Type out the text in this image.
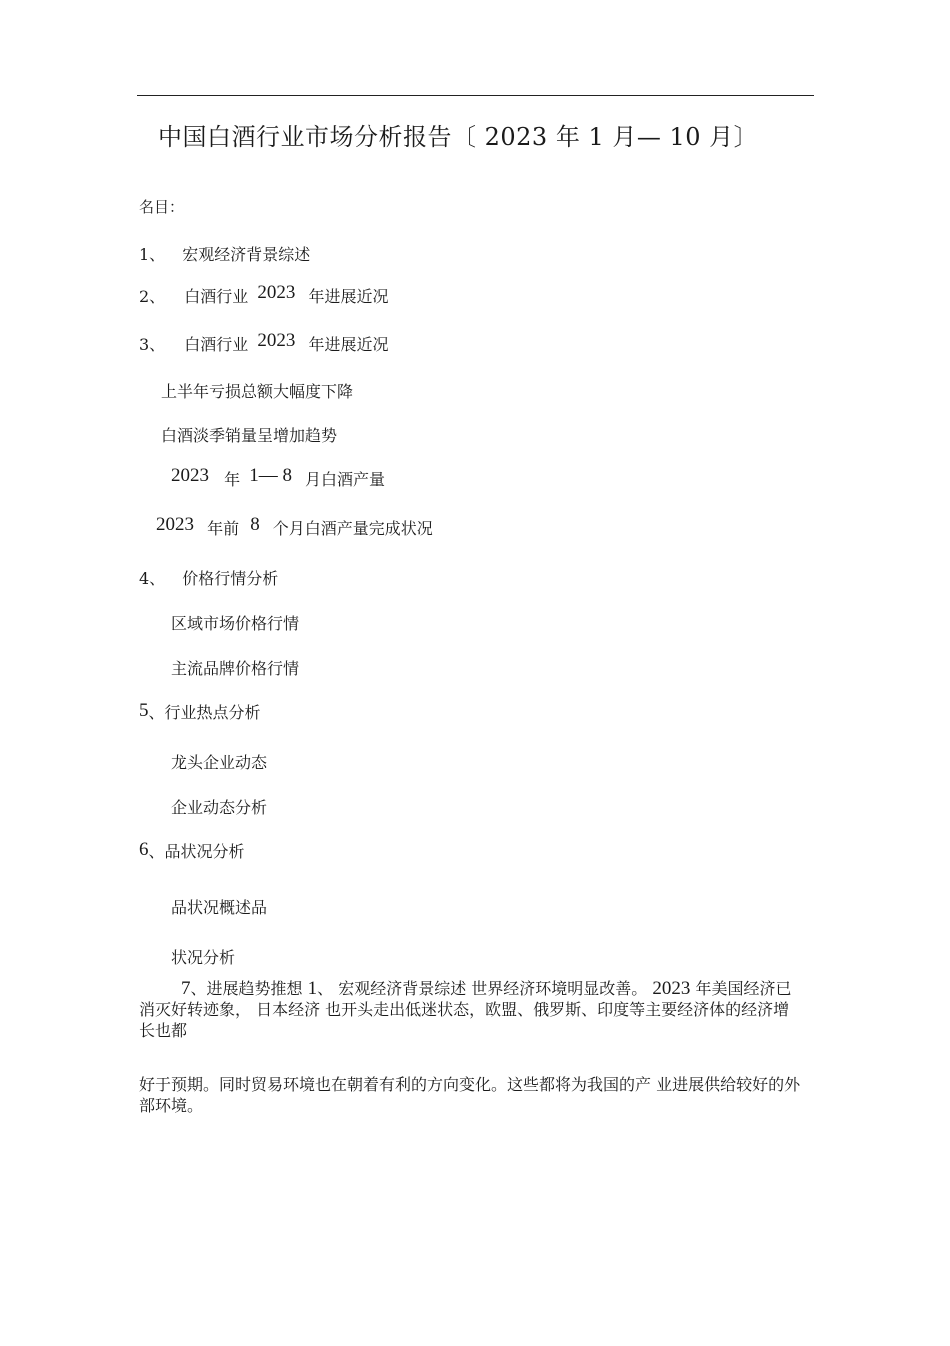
中国白酒行业市场分析报告〔 2023 年 1 月— 10 月〕
名目：
1、 宏观经济背景综述
2、 白酒行业 2023 年进展近况
3、 白酒行业 2023 年进展近况
上半年亏损总额大幅度下降
白酒淡季销量呈增加趋势
2023 年 1— 8 月白酒产量
2023 年前 8 个月白酒产量完成状况
4、 价格行情分析
区域市场价格行情
主流品牌价格行情
5、行业热点分析
龙头企业动态
企业动态分析
6、品状况分析
品状况概述品
状况分析
7、进展趋势推想 1、 宏观经济背景综述 世界经济环境明显改善。 2023 年美国经济已消灭好转迹象， 日本经济 也开头走出低迷状态，欧盟、俄罗斯、印度等主要经济体的经济增长也都
好于预期。同时贸易环境也在朝着有利的方向变化。这些都将为我国的产 业进展供给较好的外部环境。
